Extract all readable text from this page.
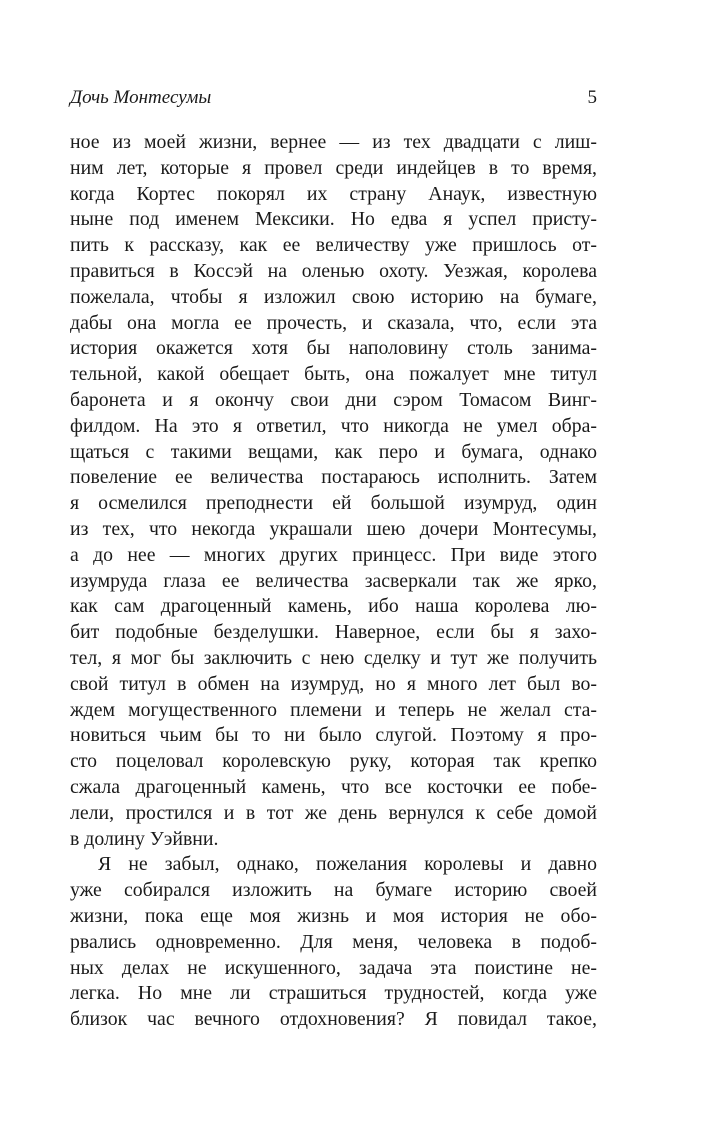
Дочь Монтесумы	5
ное из моей жизни, вернее — из тех двадцати с лиш-
ним лет, которые я провел среди индейцев в то время,
когда Кортес покорял их страну Анаук, известную
ныне под именем Мексики. Но едва я успел присту-
пить к рассказу, как ее величеству уже пришлось от-
правиться в Коссэй на оленью охоту. Уезжая, королева
пожелала, чтобы я изложил свою историю на бумаге,
дабы она могла ее прочесть, и сказала, что, если эта
история окажется хотя бы наполовину столь занима-
тельной, какой обещает быть, она пожалует мне титул
баронета и я окончу свои дни сэром Томасом Винг-
филдом. На это я ответил, что никогда не умел обра-
щаться с такими вещами, как перо и бумага, однако
повеление ее величества постараюсь исполнить. Затем
я осмелился преподнести ей большой изумруд, один
из тех, что некогда украшали шею дочери Монтесумы,
а до нее — многих других принцесс. При виде этого
изумруда глаза ее величества засверкали так же ярко,
как сам драгоценный камень, ибо наша королева лю-
бит подобные безделушки. Наверное, если бы я захо-
тел, я мог бы заключить с нею сделку и тут же получить
свой титул в обмен на изумруд, но я много лет был во-
ждем могущественного племени и теперь не желал ста-
новиться чьим бы то ни было слугой. Поэтому я про-
сто поцеловал королевскую руку, которая так крепко
сжала драгоценный камень, что все косточки ее побе-
лели, простился и в тот же день вернулся к себе домой
в долину Уэйвни.
Я не забыл, однако, пожелания королевы и давно
уже собирался изложить на бумаге историю своей
жизни, пока еще моя жизнь и моя история не обо-
рвались одновременно. Для меня, человека в подоб-
ных делах не искушенного, задача эта поистине не-
легка. Но мне ли страшиться трудностей, когда уже
близок час вечного отдохновения? Я повидал такое,
